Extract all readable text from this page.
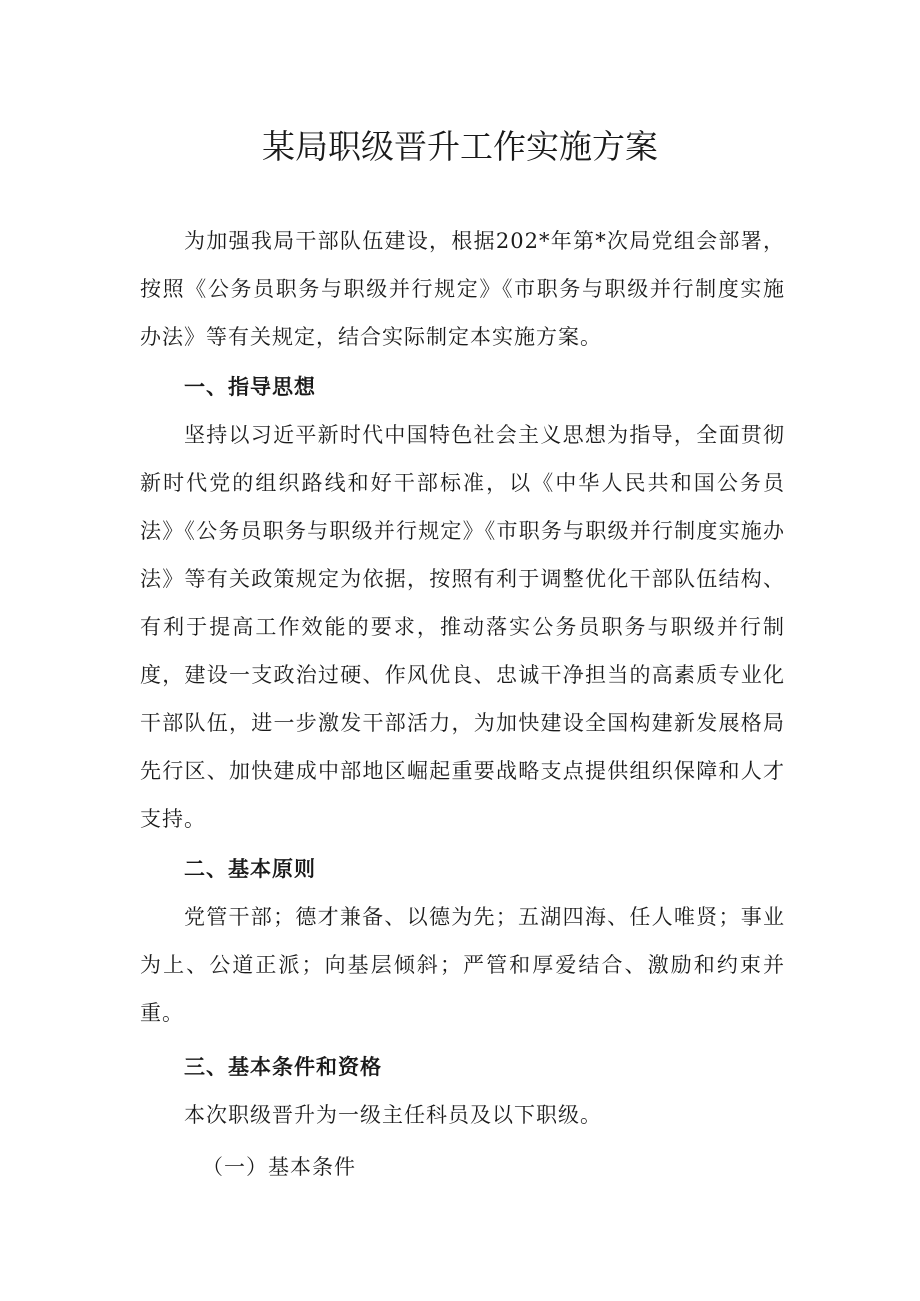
某局职级晋升工作实施方案

为加强我局干部队伍建设，根据202*年第*次局党组会部署，按照《公务员职务与职级并行规定》《市职务与职级并行制度实施办法》等有关规定，结合实际制定本实施方案。

一、指导思想

坚持以习近平新时代中国特色社会主义思想为指导，全面贯彻新时代党的组织路线和好干部标准，以《中华人民共和国公务员法》《公务员职务与职级并行规定》《市职务与职级并行制度实施办法》等有关政策规定为依据，按照有利于调整优化干部队伍结构、有利于提高工作效能的要求，推动落实公务员职务与职级并行制度，建设一支政治过硬、作风优良、忠诚干净担当的高素质专业化干部队伍，进一步激发干部活力，为加快建设全国构建新发展格局先行区、加快建成中部地区崛起重要战略支点提供组织保障和人才支持。

二、基本原则

党管干部；德才兼备、以德为先；五湖四海、任人唯贤；事业为上、公道正派；向基层倾斜；严管和厚爱结合、激励和约束并重。

三、基本条件和资格

本次职级晋升为一级主任科员及以下职级。

（一）基本条件
